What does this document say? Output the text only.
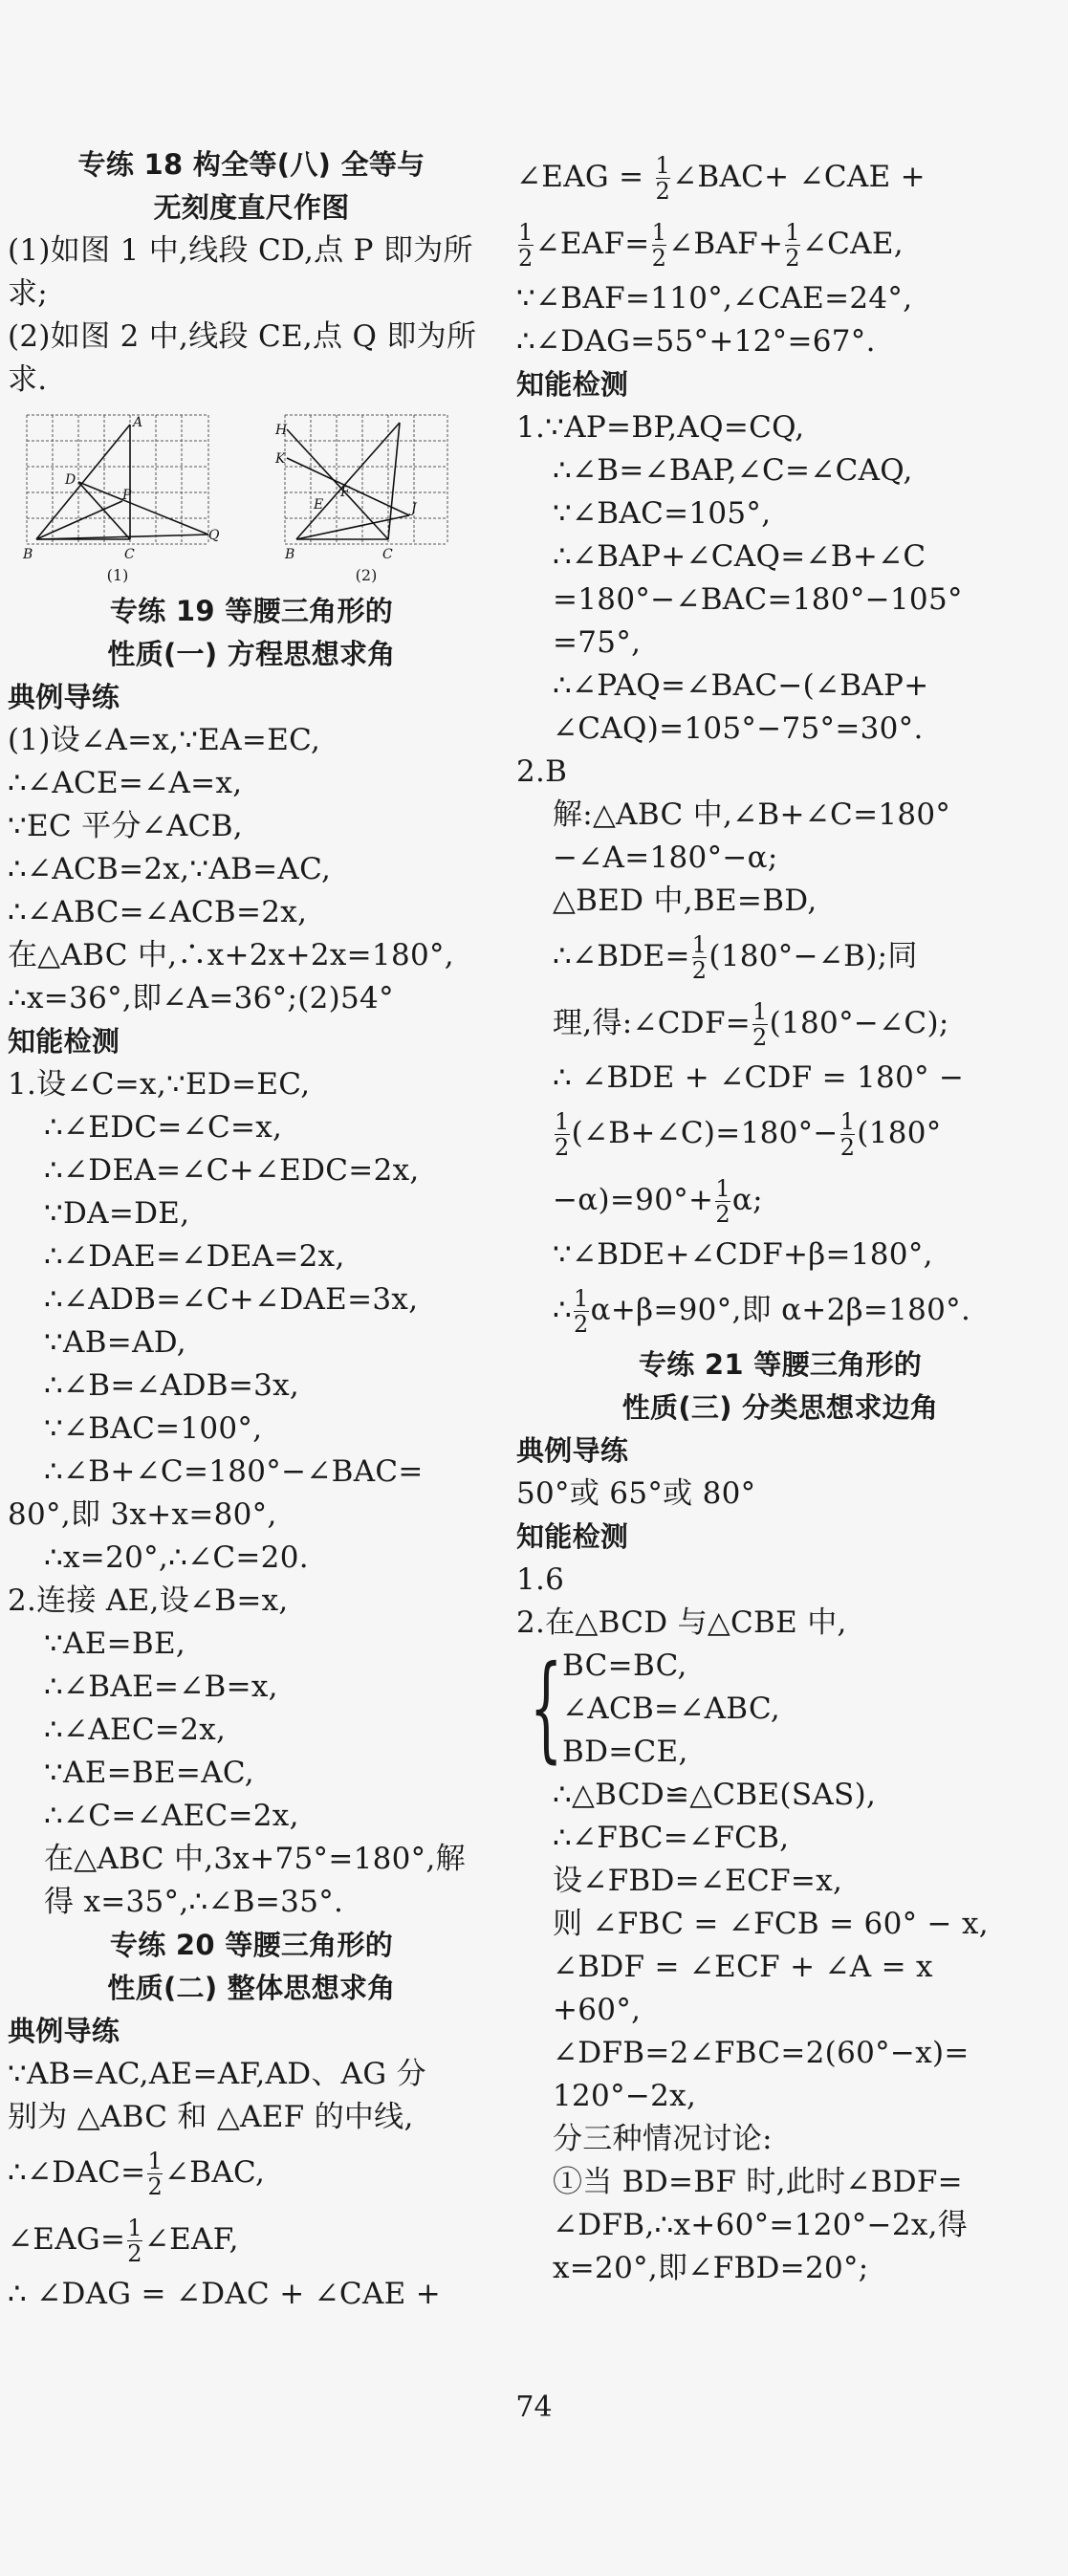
专练 18 构全等(八) 全等与
无刻度直尺作图
(1)如图 1 中,线段 CD,点 P 即为所
求;
(2)如图 2 中,线段 CE,点 Q 即为所
求.
A
B	C
D
P
Q
(1)
H
K
B	C
E	J
F
(2)
专练 19 等腰三角形的
性质(一) 方程思想求角
典例导练
(1)设∠A=x,∵EA=EC,
∴∠ACE=∠A=x,
∵EC 平分∠ACB,
∴∠ACB=2x,∵AB=AC,
∴∠ABC=∠ACB=2x,
在△ABC 中,∴x+2x+2x=180°,
∴x=36°,即∠A=36°;(2)54°
知能检测
1.设∠C=x,∵ED=EC,
∴∠EDC=∠C=x,
∴∠DEA=∠C+∠EDC=2x,
∵DA=DE,
∴∠DAE=∠DEA=2x,
∴∠ADB=∠C+∠DAE=3x,
∵AB=AD,
∴∠B=∠ADB=3x,
∵∠BAC=100°,
∴∠B+∠C=180°−∠BAC=
80°,即 3x+x=80°,
∴x=20°,∴∠C=20.
2.连接 AE,设∠B=x,
∵AE=BE,
∴∠BAE=∠B=x,
∴∠AEC=2x,
∵AE=BE=AC,
∴∠C=∠AEC=2x,
在△ABC 中,3x+75°=180°,解
得 x=35°,∴∠B=35°.
专练 20 等腰三角形的
性质(二) 整体思想求角
典例导练
∵AB=AC,AE=AF,AD、AG 分
别为 △ABC 和 △AEF 的中线,
∴∠DAC= $\frac{1}{2}$ ∠BAC,
∠EAG= $\frac{1}{2}$ ∠EAF,
∴ ∠DAG = ∠DAC + ∠CAE +
∠EAG = $\frac{1}{2}$ ∠BAC+ ∠CAE +
$\frac{1}{2}$ ∠EAF= $\frac{1}{2}$ ∠BAF+ $\frac{1}{2}$ ∠CAE,
∵∠BAF=110°,∠CAE=24°,
∴∠DAG=55°+12°=67°.
知能检测
1.∵AP=BP,AQ=CQ,
∴∠B=∠BAP,∠C=∠CAQ,
∵∠BAC=105°,
∴∠BAP+∠CAQ=∠B+∠C
=180°−∠BAC=180°−105°
=75°,
∴∠PAQ=∠BAC−(∠BAP+
∠CAQ)=105°−75°=30°.
2.B
解:△ABC 中,∠B+∠C=180°
−∠A=180°−α;
△BED 中,BE=BD,
∴∠BDE= $\frac{1}{2}$ (180°−∠B);同
理,得:∠CDF= $\frac{1}{2}$ (180°−∠C);
∴ ∠BDE + ∠CDF = 180° −
$\frac{1}{2}$ (∠B+∠C)=180°− $\frac{1}{2} (180^\circ$
$-\alpha)=90^\circ+ \frac{1}{2} \alpha$;
∵∠BDE+∠CDF+β=180°,
∴ $\frac{1}{2} \alpha+\beta=90^\circ$,即 α+2β=180°.
专练 21 等腰三角形的
性质(三) 分类思想求边角
典例导练
50°或 65°或 80°
知能检测
1.6
2.在△BCD 与△CBE 中,
{ BC=BC,
∠ACB=∠ABC,
BD=CE,
∴△BCD≌△CBE(SAS),
∴∠FBC=∠FCB,
设∠FBD=∠ECF=x,
则 ∠FBC = ∠FCB = 60° − x,
∠BDF = ∠ECF + ∠A = x
+60°,
∠DFB=2∠FBC=2(60°−x)=
120°−2x,
分三种情况讨论:
①当 BD=BF 时,此时∠BDF=
∠DFB,∴x+60°=120°−2x,得
x=20°,即∠FBD=20°;
74
